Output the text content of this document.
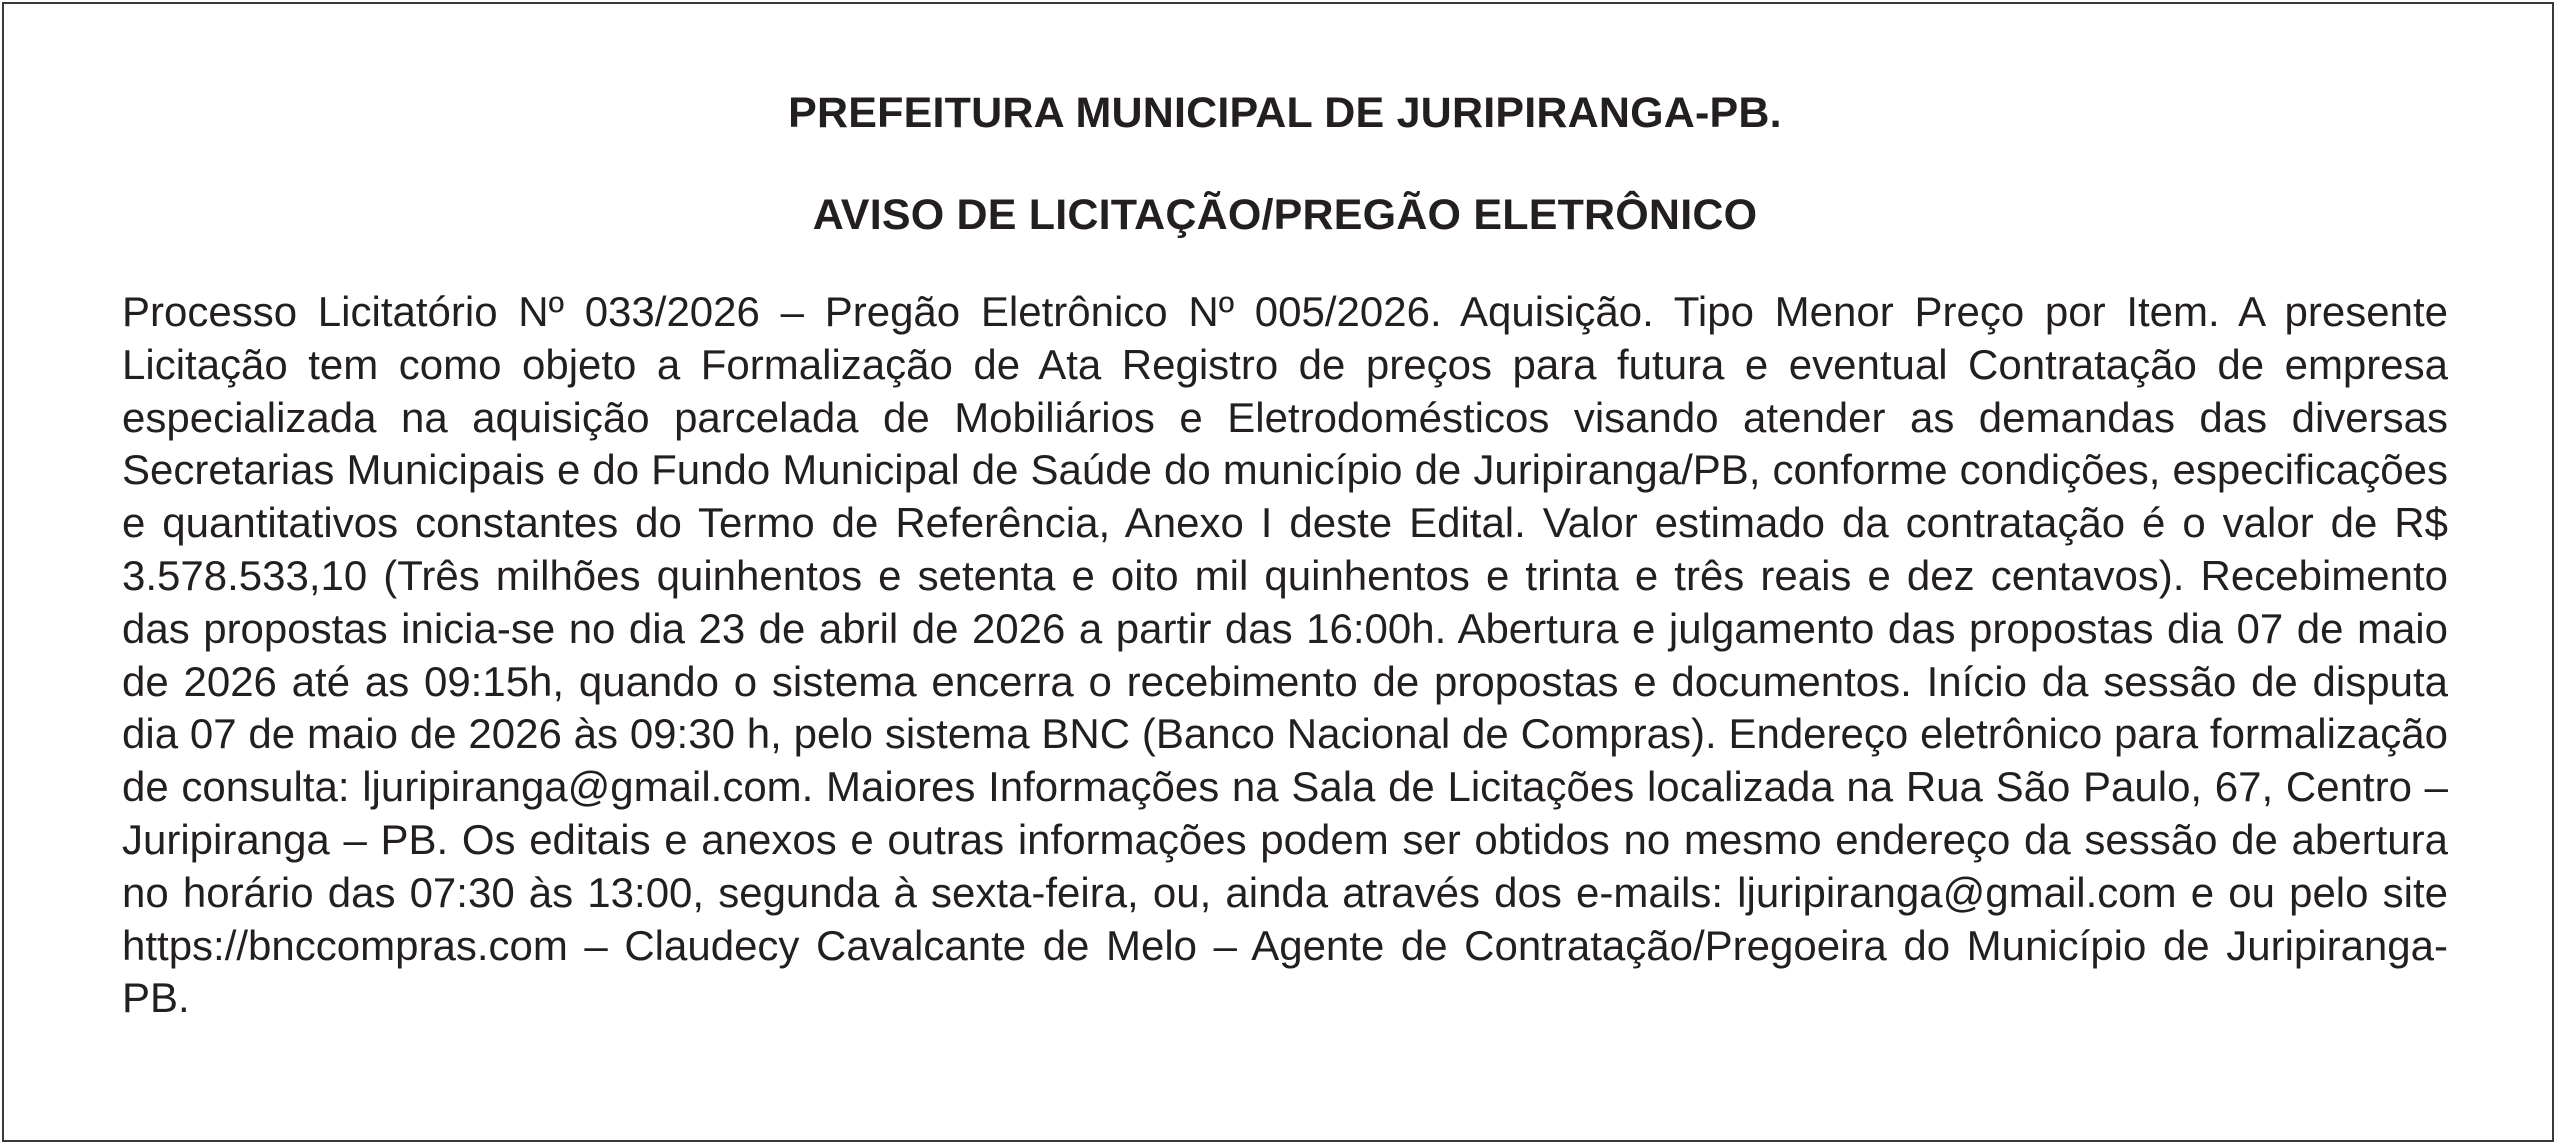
PREFEITURA MUNICIPAL DE JURIPIRANGA-PB.
AVISO DE LICITAÇÃO/PREGÃO ELETRÔNICO

Processo Licitatório Nº 033/2026 – Pregão Eletrônico Nº 005/2026. Aquisição. Tipo Menor Preço por Item. A presente Licitação tem como objeto a Formalização de Ata Registro de preços para futura e eventual Contratação de empresa especializada na aquisição parcelada de Mobiliários e Eletrodomésticos visando atender as demandas das diversas Secretarias Municipais e do Fundo Municipal de Saúde do município de Juripiranga/PB, conforme condições, especificações e quantitativos constantes do Termo de Referência, Anexo I deste Edital. Valor estimado da contratação é o valor de R$ 3.578.533,10 (Três milhões quinhentos e setenta e oito mil quinhentos e trinta e três reais e dez centavos). Recebimento das propostas inicia-se no dia 23 de abril de 2026 a partir das 16:00h. Abertura e julgamento das propostas dia 07 de maio de 2026 até as 09:15h, quando o sistema encerra o recebimento de propostas e documentos. Início da sessão de disputa dia 07 de maio de 2026 às 09:30 h, pelo sistema BNC (Banco Nacional de Compras). Endereço eletrônico para formalização de consulta: ljuripiranga@gmail.com. Maiores Informações na Sala de Licitações localizada na Rua São Paulo, 67, Centro – Juripiranga – PB. Os editais e anexos e outras informações podem ser obtidos no mesmo endereço da sessão de abertura no horário das 07:30 às 13:00, segunda à sexta-feira, ou, ainda através dos e-mails: ljuripiranga@gmail.com e ou pelo site https://bnccompras.com – Claudecy Cavalcante de Melo – Agente de Contratação/Pregoeira do Município de Juripiranga-PB.
